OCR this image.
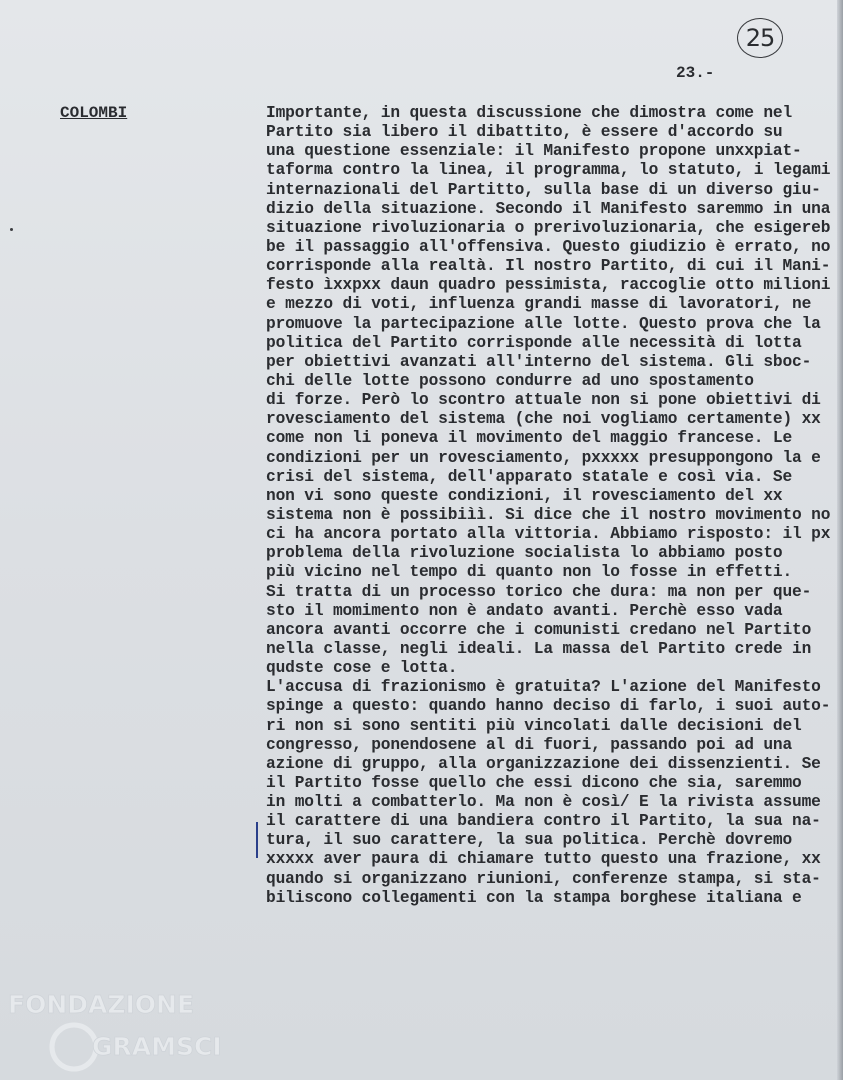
25
23.-
COLOMBI	Importante, in questa discussione che dimostra come nel
Partito sia libero il dibattito, è essere d'accordo su
una questione essenziale: il Manifesto propone unxxpiat-
taforma contro la linea, il programma, lo statuto, i legami
internazionali del Partitto, sulla base di un diverso giu-
dizio della situazione. Secondo il Manifesto saremmo in una
situazione rivoluzionaria o prerivoluzionaria, che esigereb
be il passaggio all'offensiva. Questo giudizio è errato, no
corrisponde alla realtà. Il nostro Partito, di cui il Mani-
festo ìxxpxx daun quadro pessimista, raccoglie otto milioni
e mezzo di voti, influenza grandi masse di lavoratori, ne
promuove la partecipazione alle lotte. Questo prova che la
politica del Partito corrisponde alle necessità di lotta
per obiettivi avanzati all'interno del sistema. Gli sboc-
chi delle lotte possono condurre ad uno spostamento
di forze. Però lo scontro attuale non si pone obiettivi di
rovesciamento del sistema (che noi vogliamo certamente) xx
come non li poneva il movimento del maggio francese. Le
condizioni per un rovesciamento, pxxxxx presuppongono la e
crisi del sistema, dell'apparato statale e così via. Se
non vi sono queste condizioni, il rovesciamento del xx
sistema non è possibiìì. Si dice che il nostro movimento no
ci ha ancora portato alla vittoria. Abbiamo risposto: il px
problema della rivoluzione socialista lo abbiamo posto
più vicino nel tempo di quanto non lo fosse in effetti.
Si tratta di un processo torico che dura: ma non per que-
sto il momimento non è andato avanti. Perchè esso vada
ancora avanti occorre che i comunisti credano nel Partito
nella classe, negli ideali. La massa del Partito crede in
qudste cose e lotta.
L'accusa di frazionismo è gratuita? L'azione del Manifesto
spinge a questo: quando hanno deciso di farlo, i suoi auto-
ri non si sono sentiti più vincolati dalle decisioni del
congresso, ponendosene al di fuori, passando poi ad una
azione di gruppo, alla organizzazione dei dissenzienti. Se
il Partito fosse quello che essi dicono che sia, saremmo
in molti a combatterlo. Ma non è così/ E la rivista assume
il carattere di una bandiera contro il Partito, la sua na-
tura, il suo carattere, la sua politica. Perchè dovremo
xxxxx aver paura di chiamare tutto questo una frazione, xx
quando si organizzano riunioni, conferenze stampa, si sta-
biliscono collegamenti con la stampa borghese italiana e
FONDAZIONE
GRAMSCI
